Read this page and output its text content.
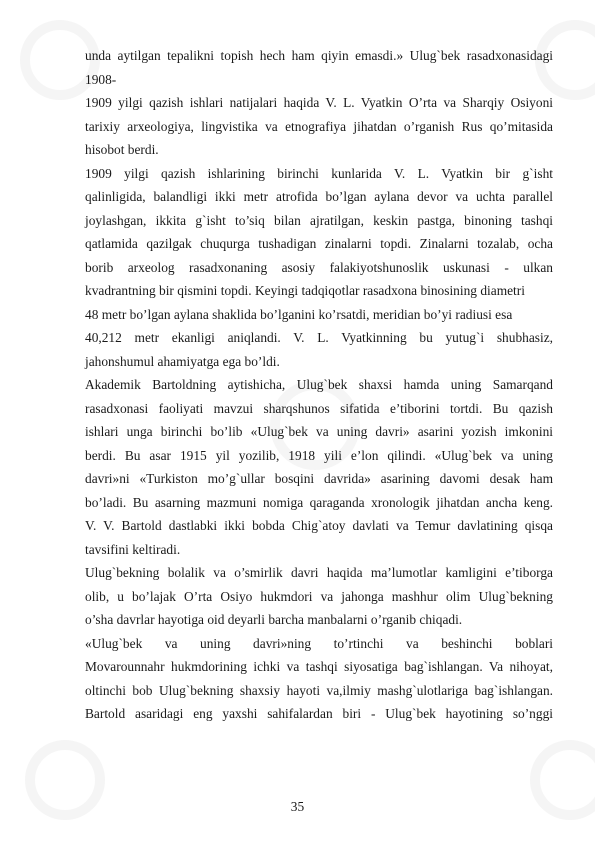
unda aytilgan tepalikni topish hech ham qiyin emasdi.» Ulug`bek rasadxonasidagi
1908-
1909 yilgi qazish ishlari natijalari haqida V. L. Vyatkin O’rta va Sharqiy Osiyoni
tarixiy arxeologiya, lingvistika va etnografiya jihatdan o’rganish Rus qo’mitasida
hisobot berdi.
1909 yilgi qazish ishlarining birinchi kunlarida V. L. Vyatkin bir g`isht
qalinligida, balandligi ikki metr atrofida bo’lgan aylana devor va uchta parallel
joylashgan, ikkita g`isht to’siq bilan ajratilgan, keskin pastga, binoning tashqi
qatlamida qazilgak chuqurga tushadigan zinalarni topdi. Zinalarni tozalab, ocha
borib arxeolog rasadxonaning asosiy falakiyotshunoslik uskunasi - ulkan
kvadrantning bir qismini topdi. Keyingi tadqiqotlar rasadxona binosining diametri
48 metr bo’lgan aylana shaklida bo’lganini ko’rsatdi, meridian bo’yi radiusi esa
40,212 metr ekanligi aniqlandi. V. L. Vyatkinning bu yutug`i shubhasiz,
jahonshumul ahamiyatga ega bo’ldi.
Akademik Bartoldning aytishicha, Ulug`bek shaxsi hamda uning Samarqand
rasadxonasi faoliyati mavzui sharqshunos sifatida e’tiborini tortdi. Bu qazish
ishlari unga birinchi bo’lib «Ulug`bek va uning davri» asarini yozish imkonini
berdi. Bu asar 1915 yil yozilib, 1918 yili e’lon qilindi. «Ulug`bek va uning
davri»ni «Turkiston mo’g`ullar bosqini davrida» asarining davomi desak ham
bo’ladi. Bu asarning mazmuni nomiga qaraganda xronologik jihatdan ancha keng.
V. V. Bartold dastlabki ikki bobda Chig`atoy davlati va Temur davlatining qisqa
tavsifini keltiradi.
Ulug`bekning bolalik va o’smirlik davri haqida ma’lumotlar kamligini e’tiborga
olib, u bo’lajak O’rta Osiyo hukmdori va jahonga mashhur olim Ulug`bekning
o’sha davrlar hayotiga oid deyarli barcha manbalarni o’rganib chiqadi.
«Ulug`bek va uning davri»ning to’rtinchi va beshinchi boblari
Movarounnahr hukmdorining ichki va tashqi siyosatiga bag`ishlangan. Va nihoyat,
oltinchi bob Ulug`bekning shaxsiy hayoti va,ilmiy mashg`ulotlariga bag`ishlangan.
Bartold asaridagi eng yaxshi sahifalardan biri - Ulug`bek hayotining so’nggi
35
